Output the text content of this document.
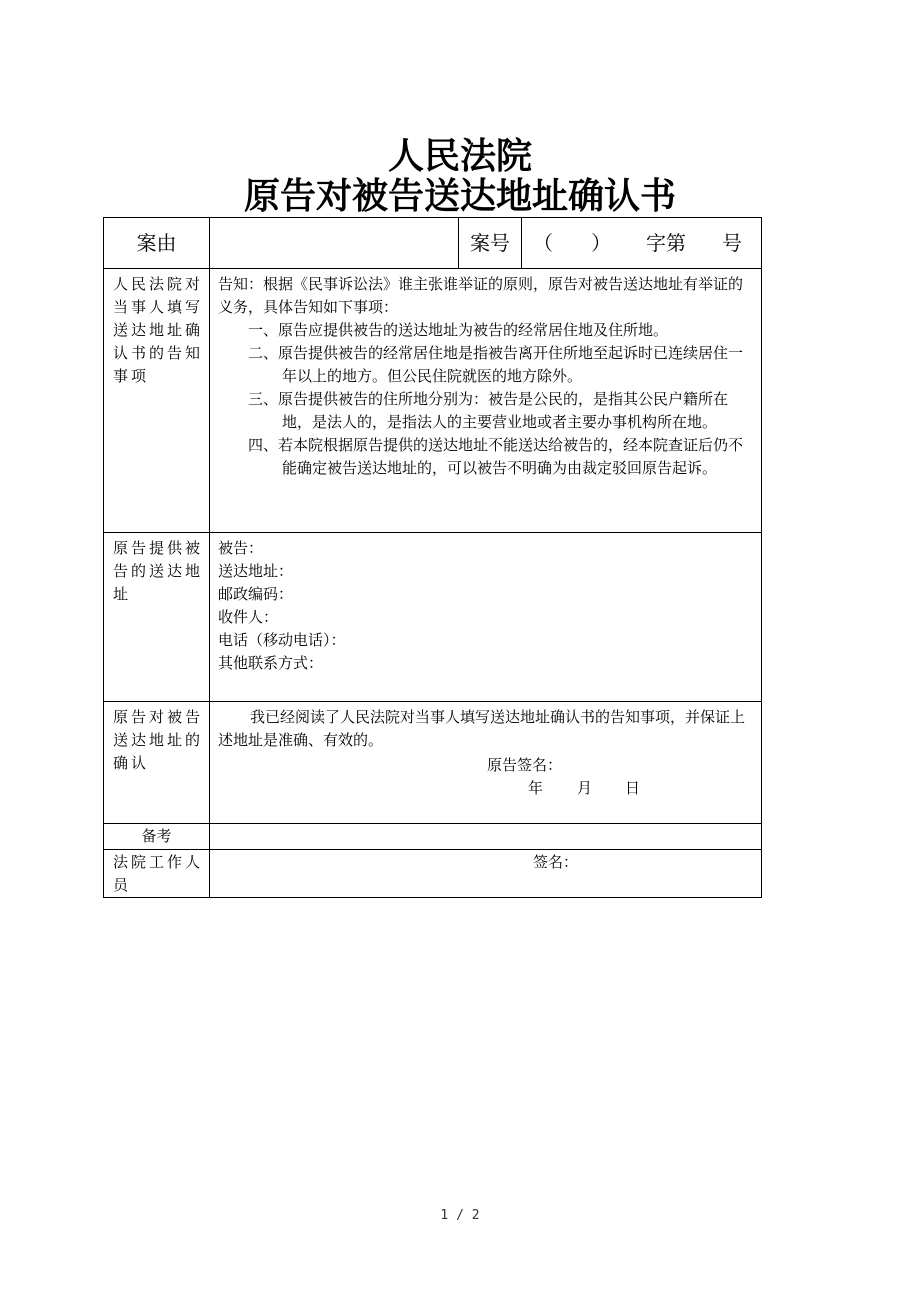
人民法院
原告对被告送达地址确认书
案由	案号	（      ） 字第 号
人民法院对当事人填写送达地址确认书的告知事项

告知：根据《民事诉讼法》谁主张谁举证的原则，原告对被告送达地址有举证的义务，具体告知如下事项：

一、原告应提供被告的送达地址为被告的经常居住地及住所地。

二、原告提供被告的经常居住地是指被告离开住所地至起诉时已连续居住一年以上的地方。但公民住院就医的地方除外。

三、原告提供被告的住所地分别为：被告是公民的，是指其公民户籍所在地，是法人的，是指法人的主要营业地或者主要办事机构所在地。

四、若本院根据原告提供的送达地址不能送达给被告的，经本院查证后仍不能确定被告送达地址的，可以被告不明确为由裁定驳回原告起诉。

原告提供被告的送达地址
被告：
送达地址：
邮政编码：
收件人：
电话（移动电话）：
其他联系方式：
原告对被告送达地址的确认
我已经阅读了人民法院对当事人填写送达地址确认书的告知事项，并保证上述地址是准确、有效的。
原告签名：
年 月 日
备考
法院工作人员
签名：
1 / 2
